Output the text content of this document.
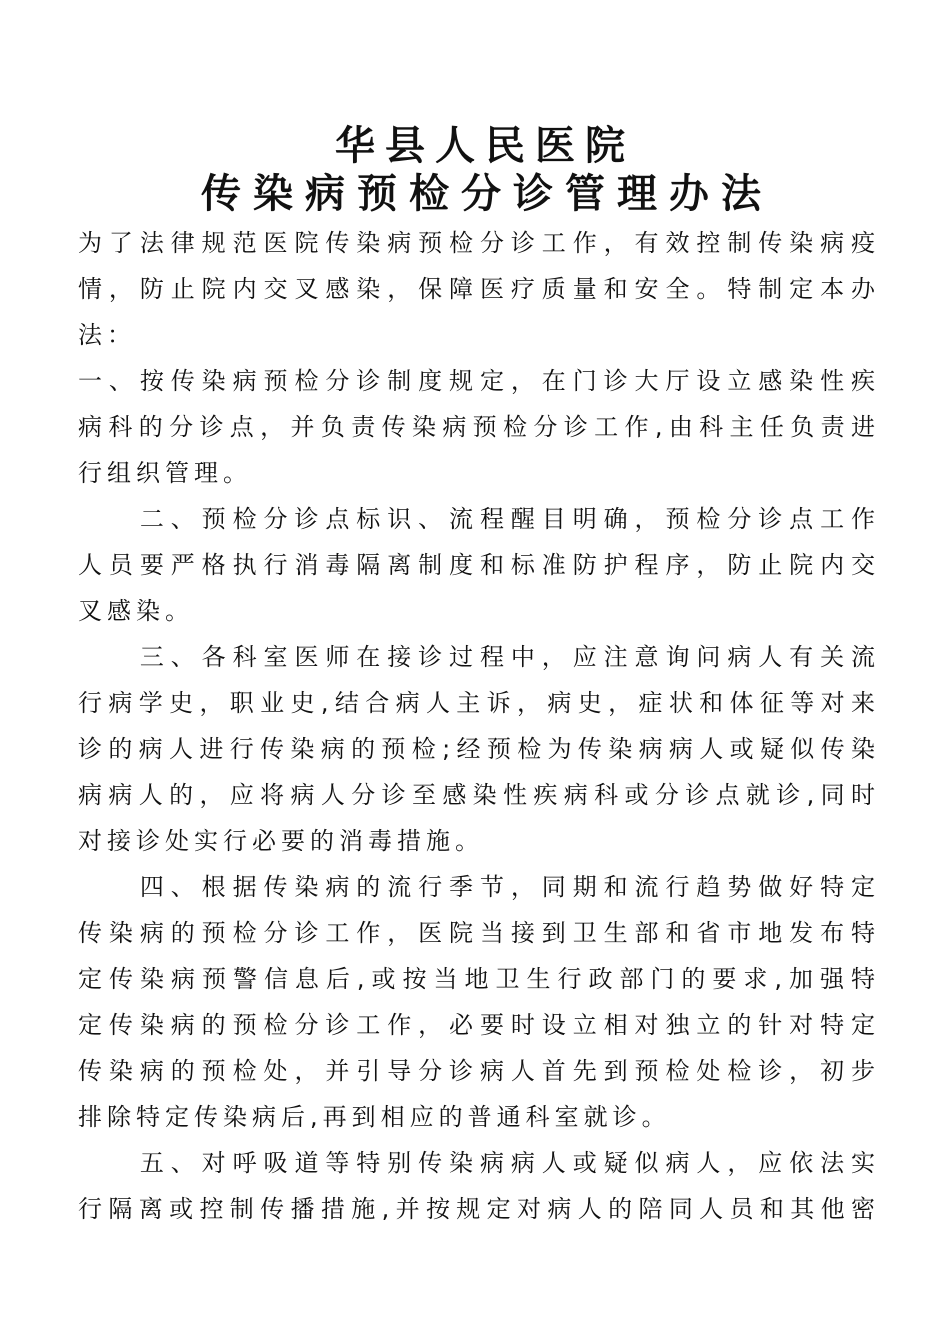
华县人民医院
传染病预检分诊管理办法
为了法律规范医院传染病预检分诊工作，有效控制传染病疫
情，防止院内交叉感染，保障医疗质量和安全。特制定本办
法：
一、按传染病预检分诊制度规定，在门诊大厅设立感染性疾
病科的分诊点，并负责传染病预检分诊工作,由科主任负责进
行组织管理。
　　二、预检分诊点标识、流程醒目明确，预检分诊点工作
人员要严格执行消毒隔离制度和标准防护程序，防止院内交
叉感染。
　　三、各科室医师在接诊过程中，应注意询问病人有关流
行病学史，职业史,结合病人主诉，病史，症状和体征等对来
诊的病人进行传染病的预检;经预检为传染病病人或疑似传染
病病人的，应将病人分诊至感染性疾病科或分诊点就诊,同时
对接诊处实行必要的消毒措施。
　　四、根据传染病的流行季节，同期和流行趋势做好特定
传染病的预检分诊工作，医院当接到卫生部和省市地发布特
定传染病预警信息后,或按当地卫生行政部门的要求,加强特
定传染病的预检分诊工作，必要时设立相对独立的针对特定
传染病的预检处，并引导分诊病人首先到预检处检诊，初步
排除特定传染病后,再到相应的普通科室就诊。
　　五、对呼吸道等特别传染病病人或疑似病人，应依法实
行隔离或控制传播措施,并按规定对病人的陪同人员和其他密
